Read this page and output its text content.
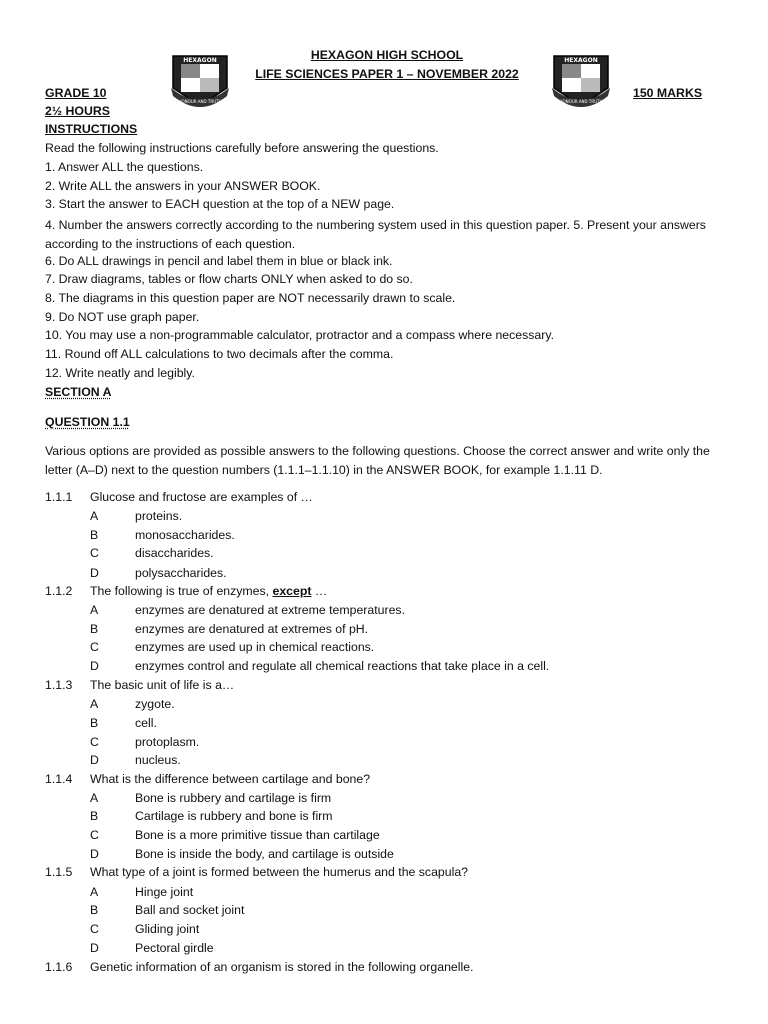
HEXAGON HIGH SCHOOL
LIFE SCIENCES PAPER 1 – NOVEMBER 2022
HEXAGON
HONOUR AND TRUTH
HEXAGON
HONOUR AND TRUTH
GRADE 10	150 MARKS
2½ HOURS
INSTRUCTIONS
Read the following instructions carefully before answering the questions.
1. Answer ALL the questions.
2. Write ALL the answers in your ANSWER BOOK.
3. Start the answer to EACH question at the top of a NEW page.
4. Number the answers correctly according to the numbering system used in this question paper. 5. Present your answers according to the instructions of each question.
6. Do ALL drawings in pencil and label them in blue or black ink.
7. Draw diagrams, tables or flow charts ONLY when asked to do so.
8. The diagrams in this question paper are NOT necessarily drawn to scale.
9. Do NOT use graph paper.
10. You may use a non-programmable calculator, protractor and a compass where necessary.
11. Round off ALL calculations to two decimals after the comma.
12. Write neatly and legibly.
SECTION A
QUESTION 1.1
Various options are provided as possible answers to the following questions. Choose the correct answer and write only the letter (A–D) next to the question numbers (1.1.1–1.1.10) in the ANSWER BOOK, for example 1.1.11 D.
1.1.1 Glucose and fructose are examples of …
A	proteins.
B	monosaccharides.
C	disaccharides.
D	polysaccharides.
1.1.2 The following is true of enzymes, except …
A	enzymes are denatured at extreme temperatures.
B	enzymes are denatured at extremes of pH.
C	enzymes are used up in chemical reactions.
D	enzymes control and regulate all chemical reactions that take place in a cell.
1.1.3 The basic unit of life is a…
A	zygote.
B	cell.
C	protoplasm.
D	nucleus.
1.1.4 What is the difference between cartilage and bone?
A	Bone is rubbery and cartilage is firm
B	Cartilage is rubbery and bone is firm
C	Bone is a more primitive tissue than cartilage
D	Bone is inside the body, and cartilage is outside
1.1.5 What type of a joint is formed between the humerus and the scapula?
A	Hinge joint
B	Ball and socket joint
C	Gliding joint
D	Pectoral girdle
1.1.6 Genetic information of an organism is stored in the following organelle.
